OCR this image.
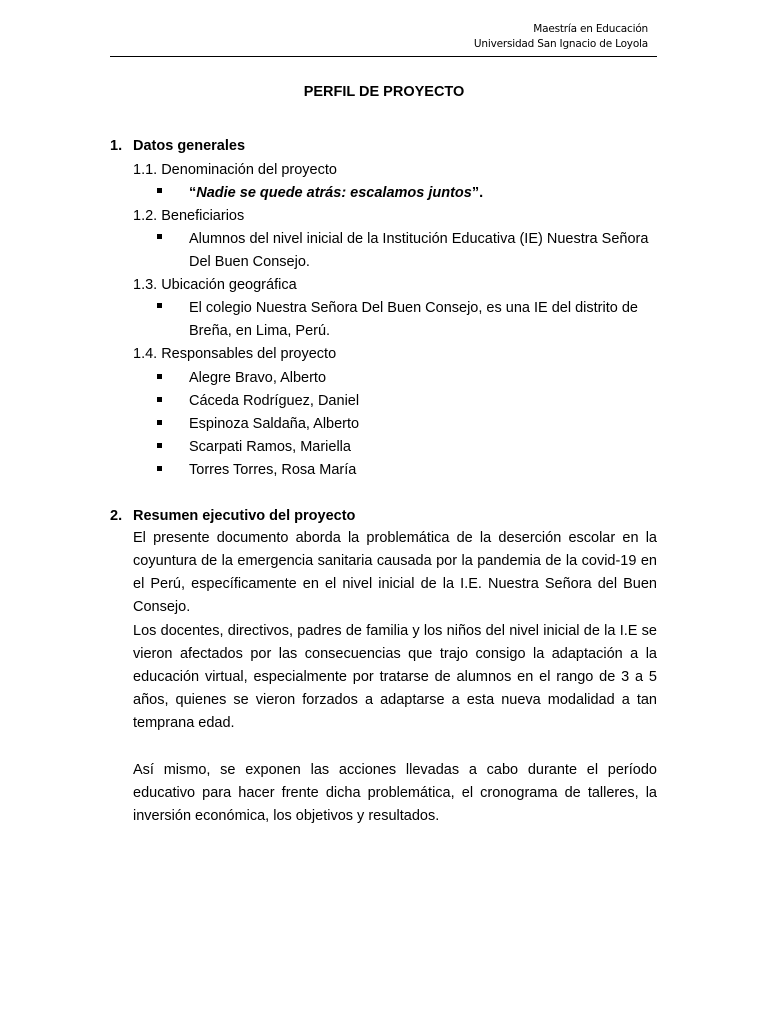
Maestría en Educación
Universidad San Ignacio de Loyola
PERFIL DE PROYECTO
1. Datos generales
1.1. Denominación del proyecto
“Nadie se quede atrás: escalamos juntos”.
1.2. Beneficiarios
Alumnos del nivel inicial de la Institución Educativa (IE) Nuestra Señora
Del Buen Consejo.
1.3. Ubicación geográfica
El colegio Nuestra Señora Del Buen Consejo, es una IE del distrito de
Breña, en Lima, Perú.
1.4. Responsables del proyecto
Alegre Bravo, Alberto
Cáceda Rodríguez, Daniel
Espinoza Saldaña, Alberto
Scarpati Ramos, Mariella
Torres Torres, Rosa María
2. Resumen ejecutivo del proyecto
El presente documento aborda la problemática de la deserción escolar en la coyuntura de la emergencia sanitaria causada por la pandemia de la covid-19 en el Perú, específicamente en el nivel inicial de la I.E. Nuestra Señora del Buen Consejo.
Los docentes, directivos, padres de familia y los niños del nivel inicial de la I.E se vieron afectados por las consecuencias que trajo consigo la adaptación a la educación virtual, especialmente por tratarse de alumnos en el rango de 3 a 5 años, quienes se vieron forzados a adaptarse a esta nueva modalidad a tan temprana edad.
Así mismo, se exponen las acciones llevadas a cabo durante el período educativo para hacer frente dicha problemática, el cronograma de talleres, la inversión económica, los objetivos y resultados.
